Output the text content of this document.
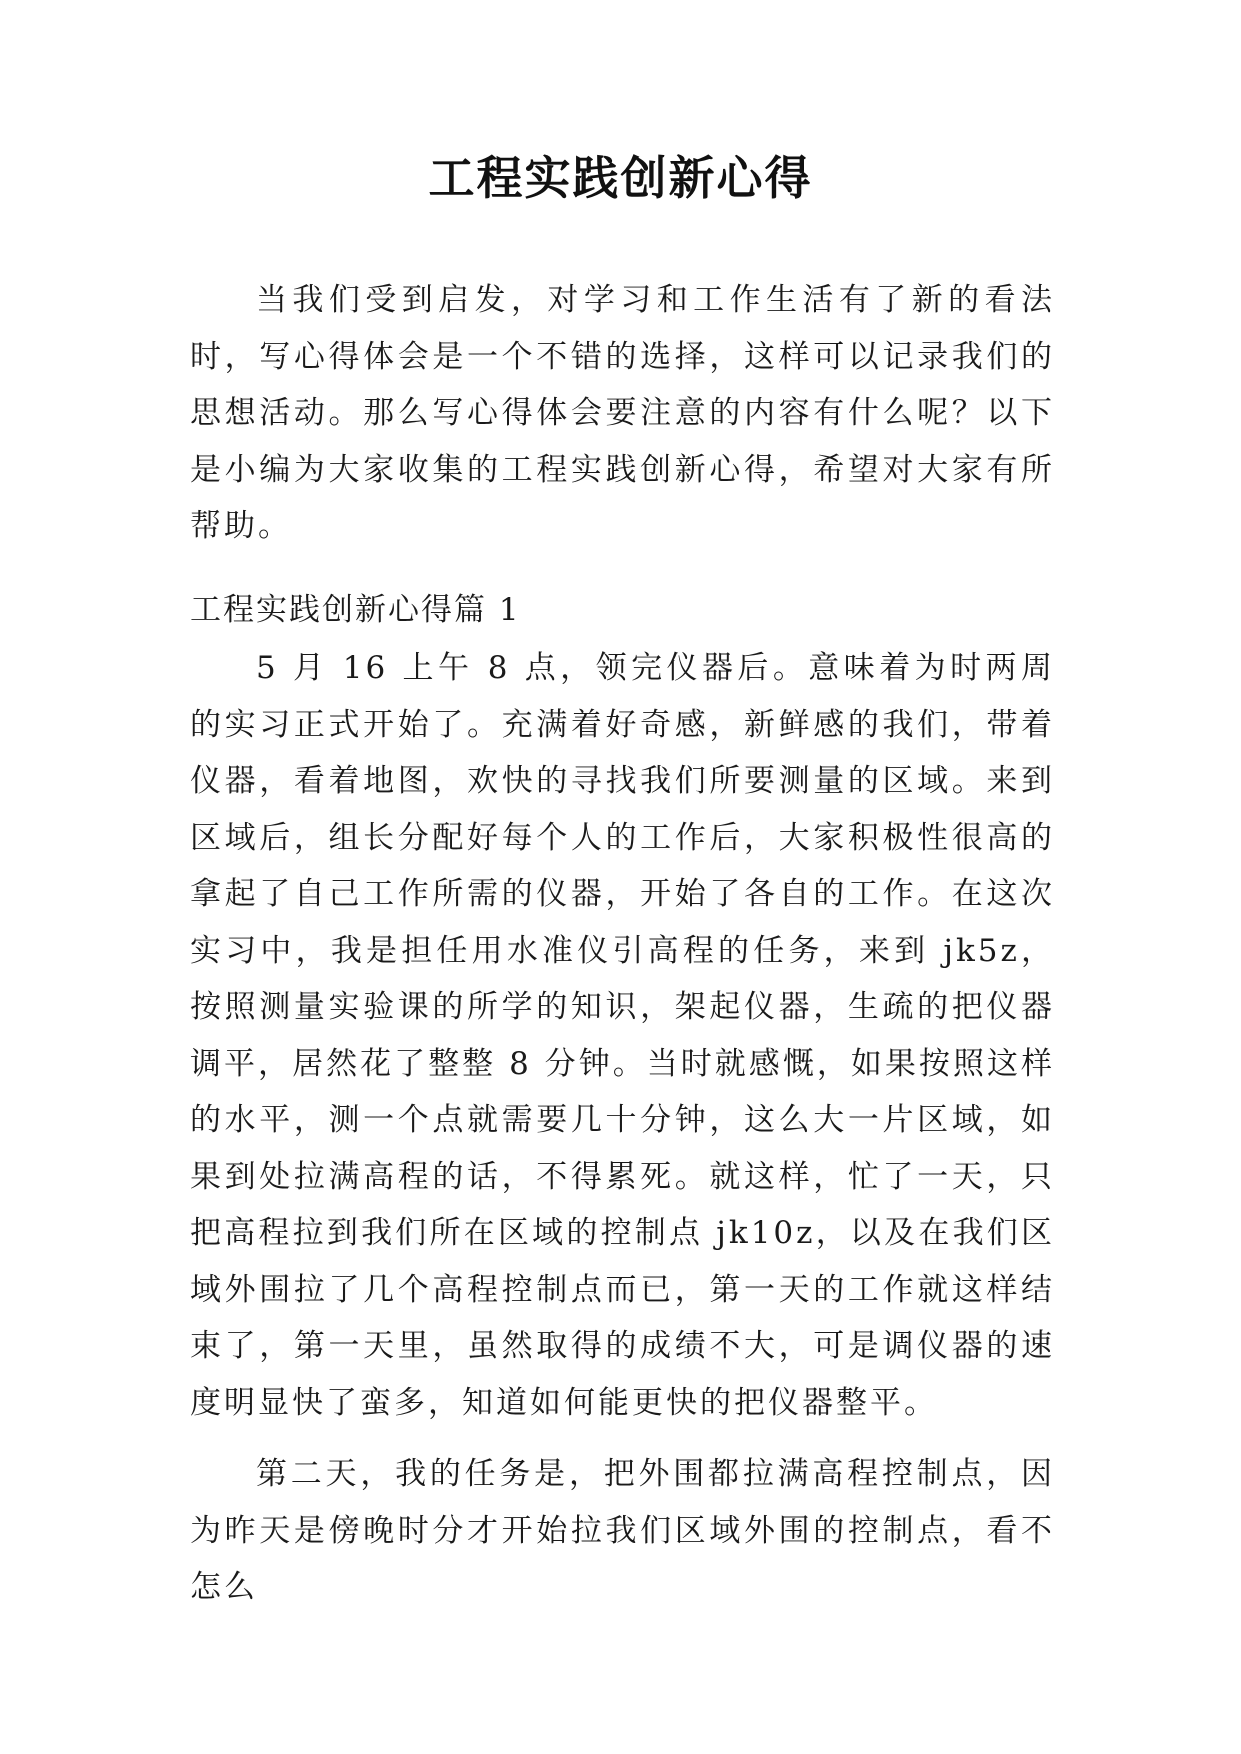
工程实践创新心得

当我们受到启发，对学习和工作生活有了新的看法时，写心得体会是一个不错的选择，这样可以记录我们的思想活动。那么写心得体会要注意的内容有什么呢？以下是小编为大家收集的工程实践创新心得，希望对大家有所帮助。

工程实践创新心得篇 1

5 月 16 上午 8 点，领完仪器后。意味着为时两周的实习正式开始了。充满着好奇感，新鲜感的我们，带着仪器，看着地图，欢快的寻找我们所要测量的区域。来到区域后，组长分配好每个人的工作后，大家积极性很高的拿起了自己工作所需的仪器，开始了各自的工作。在这次实习中，我是担任用水准仪引高程的任务，来到 jk5z，按照测量实验课的所学的知识，架起仪器，生疏的把仪器调平，居然花了整整 8 分钟。当时就感慨，如果按照这样的水平，测一个点就需要几十分钟，这么大一片区域，如果到处拉满高程的话，不得累死。就这样，忙了一天，只把高程拉到我们所在区域的控制点 jk10z，以及在我们区域外围拉了几个高程控制点而已，第一天的工作就这样结束了，第一天里，虽然取得的成绩不大，可是调仪器的速度明显快了蛮多，知道如何能更快的把仪器整平。

第二天，我的任务是，把外围都拉满高程控制点，因为昨天是傍晚时分才开始拉我们区域外围的控制点，看不怎么
